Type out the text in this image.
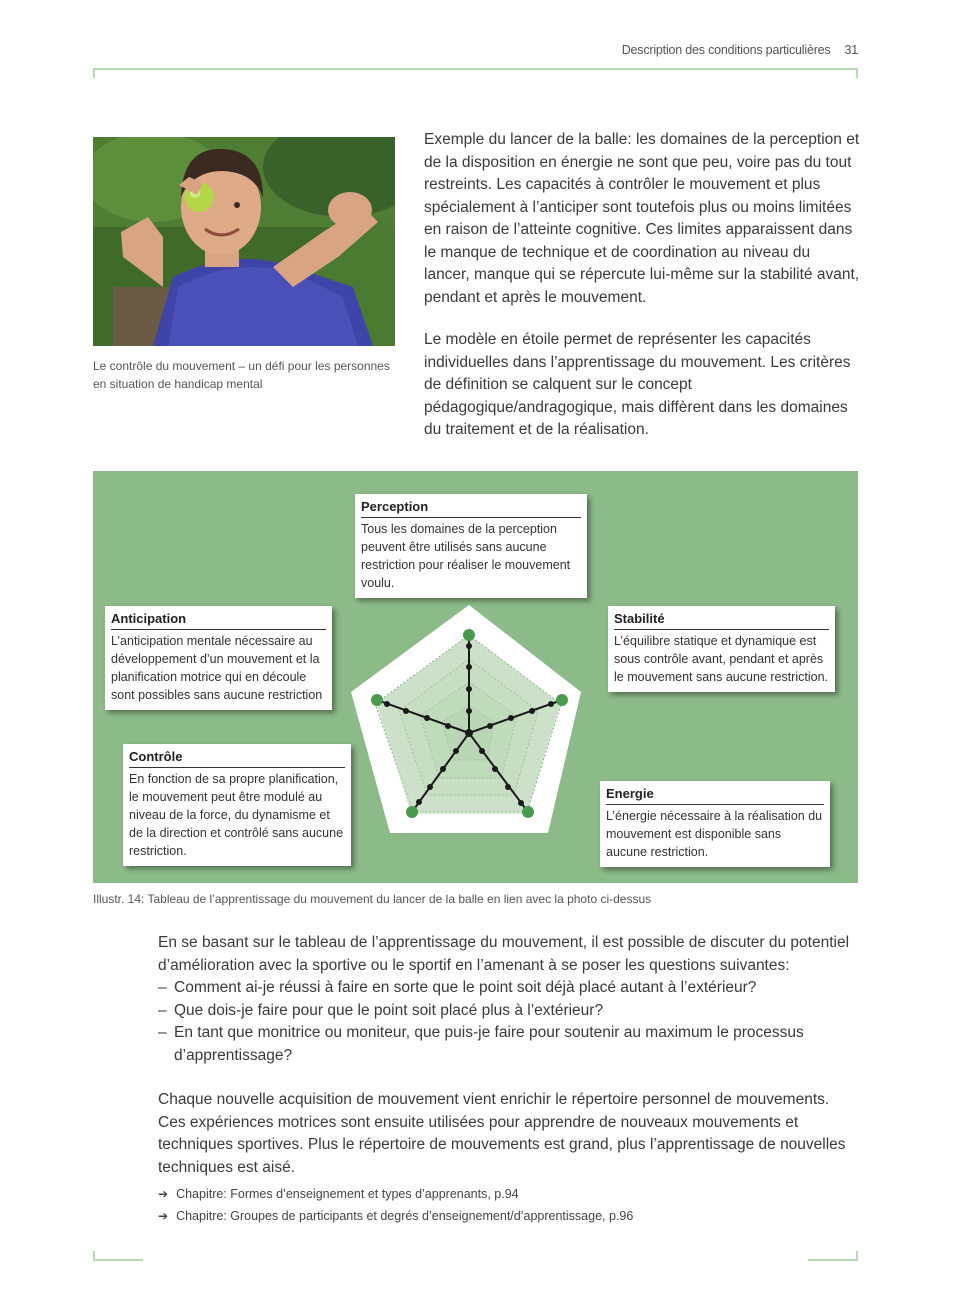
Description des conditions particulières 31
Le contrôle du mouvement – un défi pour les personnes en situation de handicap mental

Exemple du lancer de la balle: les domaines de la perception et de la disposition en énergie ne sont que peu, voire pas du tout restreints. Les capacités à contrôler le mouvement et plus spécialement à l’anticiper sont toutefois plus ou moins limitées en raison de l’atteinte cognitive. Ces limites apparaissent dans le manque de technique et de coordination au niveau du lancer, manque qui se répercute lui-même sur la stabilité avant, pendant et après le mouvement.

Le modèle en étoile permet de représenter les capacités individuelles dans l’apprentissage du mouvement. Les critères de définition se calquent sur le concept pédagogique/andragogique, mais diffèrent dans les domaines du traitement et de la réalisation.

Perception
Tous les domaines de la perception peuvent être utilisés sans aucune restriction pour réaliser le mouvement voulu.
Anticipation
L’anticipation mentale nécessaire au développement d’un mouvement et la planification motrice qui en découle sont possibles sans aucune restriction
Stabilité
L’équilibre statique et dynamique est sous contrôle avant, pendant et après le mouvement sans aucune restriction.
Contrôle
En fonction de sa propre planification, le mouvement peut être modulé au niveau de la force, du dynamisme et de la direction et contrôlé sans aucune restriction.
Energie
L’énergie nécessaire à la réalisation du mouvement est disponible sans aucune restriction.
Illustr. 14: Tableau de l’apprentissage du mouvement du lancer de la balle en lien avec la photo ci-dessus

En se basant sur le tableau de l’apprentissage du mouvement, il est possible de discuter du potentiel d’amélioration avec la sportive ou le sportif en l’amenant à se poser les questions suivantes:

– Comment ai-je réussi à faire en sorte que le point soit déjà placé autant à l’extérieur?
– Que dois-je faire pour que le point soit placé plus à l’extérieur?
– En tant que monitrice ou moniteur, que puis-je faire pour soutenir au maximum le processus d’apprentissage?

Chaque nouvelle acquisition de mouvement vient enrichir le répertoire personnel de mouvements. Ces expériences motrices sont ensuite utilisées pour apprendre de nouveaux mouvements et techniques sportives. Plus le répertoire de mouvements est grand, plus l’apprentissage de nouvelles techniques est aisé.

➔ Chapitre: Formes d’enseignement et types d’apprenants, p.94
➔ Chapitre: Groupes de participants et degrés d’enseignement/d’apprentissage, p.96
